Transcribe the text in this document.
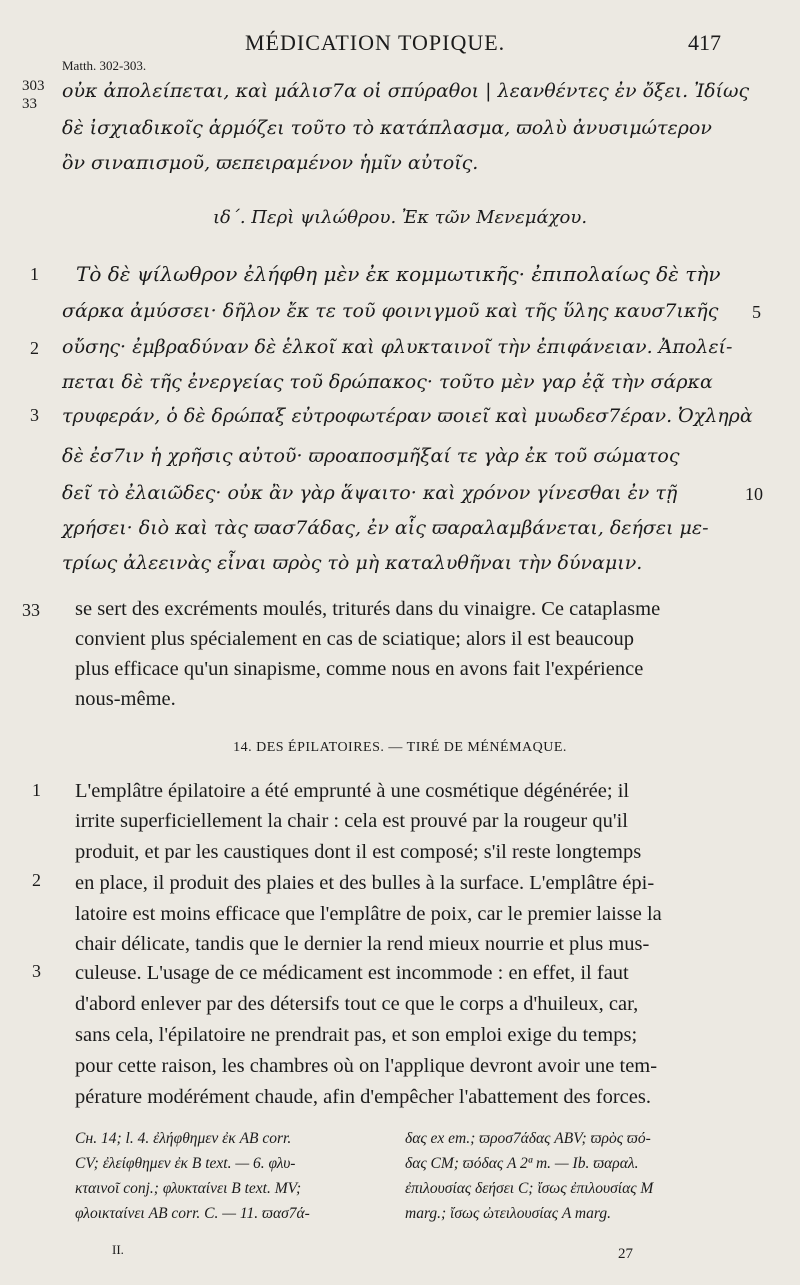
Matth. 302-303.
MÉDICATION TOPIQUE.	417
303
33
οὐκ ἀπολείπεται, καὶ μάλισ7α οἱ σπύραθοι | λεανθέντες ἐν ὄξει. Ἰδίως
δὲ ἰσχιαδικοῖς ἁρμόζει τοῦτο τὸ κατάπλασμα, ϖολὺ ἀνυσιμώτερον
ὂν σιναπισμοῦ, ϖεπειραμένον ἡμῖν αὐτοῖς.
ιδ΄. Περὶ ψιλώθρου. Ἐκ τῶν Μενεμάχου.
1
2
3
5
10
Τὸ δὲ ψίλωθρον ἐλήφθη μὲν ἐκ κομμωτικῆς· ἐπιπολαίως δὲ τὴν
σάρκα ἀμύσσει· δῆλον ἔκ τε τοῦ φοινιγμοῦ καὶ τῆς ὕλης καυσ7ικῆς
οὔσης· ἐμβραδύναν δὲ ἑλκοῖ καὶ φλυκταινοῖ τὴν ἐπιφάνειαν. Ἀπολεί-
πεται δὲ τῆς ἐνεργείας τοῦ δρώπακος· τοῦτο μὲν γαρ ἐᾷ τὴν σάρκα
τρυφεράν, ὁ δὲ δρώπαξ εὐτροφωτέραν ϖοιεῖ καὶ μυωδεσ7έραν. Ὀχληρὰ
δὲ ἐσ7ιν ἡ χρῆσις αὐτοῦ· ϖροαποσμῆξαί τε γὰρ ἐκ τοῦ σώματος
δεῖ τὸ ἐλαιῶδες· οὐκ ἂν γὰρ ἅψαιτο· καὶ χρόνον γίνεσθαι ἐν τῇ
χρήσει· διὸ καὶ τὰς ϖασ7άδας, ἐν αἷς ϖαραλαμβάνεται, δεήσει με-
τρίως ἀλεεινὰς εἶναι ϖρὸς τὸ μὴ καταλυθῆναι τὴν δύναμιν.
33 se sert des excréments moulés, triturés dans du vinaigre. Ce cataplasme
convient plus spécialement en cas de sciatique; alors il est beaucoup
plus efficace qu'un sinapisme, comme nous en avons fait l'expérience
nous-même.
14. DES ÉPILATOIRES. — TIRÉ DE MÉNÉMAQUE.
1
2
3
L'emplâtre épilatoire a été emprunté à une cosmétique dégénérée; il
irrite superficiellement la chair : cela est prouvé par la rougeur qu'il
produit, et par les caustiques dont il est composé; s'il reste longtemps
en place, il produit des plaies et des bulles à la surface. L'emplâtre épi-
latoire est moins efficace que l'emplâtre de poix, car le premier laisse la
chair délicate, tandis que le dernier la rend mieux nourrie et plus mus-
culeuse. L'usage de ce médicament est incommode : en effet, il faut
d'abord enlever par des détersifs tout ce que le corps a d'huileux, car,
sans cela, l'épilatoire ne prendrait pas, et son emploi exige du temps;
pour cette raison, les chambres où on l'applique devront avoir une tem-
pérature modérément chaude, afin d'empêcher l'abattement des forces.
Cʜ. 14; l. 4. ἐλήφθημεν ἐκ AB corr.
CV; ἐλείφθημεν ἐκ B text. — 6. φλυ-
κταινοῖ conj.; φλυκταίνει B text. MV;
φλοικταίνει AB corr. C. — 11. ϖασ7ά-
δας ex em.; ϖροσ7άδας ABV; ϖρὸς ϖό-
δας CM; ϖόδας A 2ª m. — Ib. ϖαραλ.
ἐπιλουσίας δεήσει C; ἴσως ἐπιλουσίας M
marg.; ἴσως ὠτειλουσίας A marg.
II.	27
